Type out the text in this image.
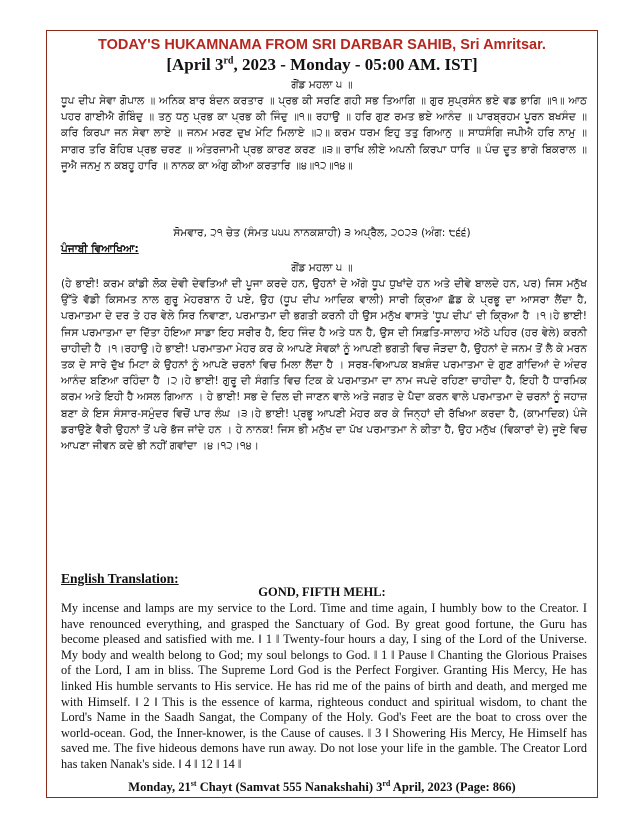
TODAY'S HUKAMNAMA FROM SRI DARBAR SAHIB, Sri Amritsar.
[April 3rd, 2023 - Monday - 05:00 AM. IST]
ਗੋਂਡ ਮਹਲਾ ੫ ॥
ਧੂਪ ਦੀਪ ਸੇਵਾ ਗੋਪਾਲ ॥ ਅਨਿਕ ਬਾਰ ਬੰਦਨ ਕਰਤਾਰ ॥ ਪ੍ਰਭ ਕੀ ਸਰਣਿ ਗਹੀ ਸਭ ਤਿਆਗਿ ॥ ਗੁਰ ਸੁਪ੍ਰਸੰਨ ਭਏ ਵਡ ਭਾਗਿ ॥੧॥ ਆਠ ਪਹਰ ਗਾਈਐ ਗੋਬਿੰਦੁ ॥ ਤਨੁ ਧਨੁ ਪ੍ਰਭ ਕਾ ਪ੍ਰਭ ਕੀ ਜਿੰਦੁ ॥੧॥ ਰਹਾਉ ॥ ਹਰਿ ਗੁਣ ਰਮਤ ਭਏ ਆਨੰਦ ॥ ਪਾਰਬ੍ਰਹਮ ਪੂਰਨ ਬਖਸੰਦ ॥ ਕਰਿ ਕਿਰਪਾ ਜਨ ਸੇਵਾ ਲਾਏ ॥ ਜਨਮ ਮਰਣ ਦੁਖ ਮੇਟਿ ਮਿਲਾਏ ॥੨॥ ਕਰਮ ਧਰਮ ਇਹੁ ਤਤੁ ਗਿਆਨੁ ॥ ਸਾਧਸੰਗਿ ਜਪੀਐ ਹਰਿ ਨਾਮੁ ॥ ਸਾਗਰ ਤਰਿ ਬੋਹਿਥ ਪ੍ਰਭ ਚਰਣ ॥ ਅੰਤਰਜਾਮੀ ਪ੍ਰਭ ਕਾਰਣ ਕਰਣ ॥੩॥ ਰਾਖਿ ਲੀਏ ਅਪਨੀ ਕਿਰਪਾ ਧਾਰਿ ॥ ਪੰਚ ਦੂਤ ਭਾਗੇ ਬਿਕਰਾਲ ॥ ਜੂਐ ਜਨਮੁ ਨ ਕਬਹੂ ਹਾਰਿ ॥ ਨਾਨਕ ਕਾ ਅੰਗੁ ਕੀਆ ਕਰਤਾਰਿ ॥੪॥੧੨॥੧੪॥
ਸੋਮਵਾਰ, ੨੧ ਚੇਤ (ਸੰਮਤ ੫੫੫ ਨਾਨਕਸ਼ਾਹੀ) ੩ ਅਪ੍ਰੈਲ, ੨੦੨੩ (ਅੰਗ: ੮੬੬)
ਪੰਜਾਬੀ ਵਿਆਖਿਆ:
ਗੋਂਡ ਮਹਲਾ ੫ ॥
(ਹੇ ਭਾਈ! ਕਰਮ ਕਾਂਡੀ ਲੋਕ ਦੇਵੀ ਦੇਵਤਿਆਂ ਦੀ ਪੂਜਾ ਕਰਦੇ ਹਨ, ਉਹਨਾਂ ਦੇ ਅੱਗੇ ਧੂਪ ਧੁਖਾਂਦੇ ਹਨ ਅਤੇ ਦੀਵੇ ਬਾਲਦੇ ਹਨ, ਪਰ) ਜਿਸ ਮਨੁੱਖ ਉੱਤੇ ਵੱਡੀ ਕਿਸਮਤ ਨਾਲ ਗੁਰੂ ਮੇਹਰਬਾਨ ਹੋ ਪਏ, ਉਹ (ਧੂਪ ਦੀਪ ਆਦਿਕ ਵਾਲੀ) ਸਾਰੀ ਕ੍ਰਿਆ ਛੱਡ ਕੇ ਪ੍ਰਭੂ ਦਾ ਆਸਰਾ ਲੈਂਦਾ ਹੈ, ਪਰਮਾਤਮਾ ਦੇ ਦਰ ਤੇ ਹਰ ਵੇਲੇ ਸਿਰ ਨਿਵਾਣਾ, ਪਰਮਾਤਮਾ ਦੀ ਭਗਤੀ ਕਰਨੀ ਹੀ ਉਸ ਮਨੁੱਖ ਵਾਸਤੇ 'ਧੂਪ ਦੀਪ' ਦੀ ਕ੍ਰਿਆ ਹੈ ।੧।ਹੇ ਭਾਈ! ਜਿਸ ਪਰਮਾਤਮਾ ਦਾ ਦਿੱਤਾ ਹੋਇਆ ਸਾਡਾ ਇਹ ਸਰੀਰ ਹੈ, ਇਹ ਜਿੰਦ ਹੈ ਅਤੇ ਧਨ ਹੈ, ਉਸ ਦੀ ਸਿਫ਼ਤਿ-ਸਾਲਾਹ ਅੱਠੇ ਪਹਿਰ (ਹਰ ਵੇਲੇ) ਕਰਨੀ ਚਾਹੀਦੀ ਹੈ ।੧।ਰਹਾਉ।ਹੇ ਭਾਈ! ਪਰਮਾਤਮਾ ਮੇਹਰ ਕਰ ਕੇ ਆਪਣੇ ਸੇਵਕਾਂ ਨੂੰ ਆਪਣੀ ਭਗਤੀ ਵਿਚ ਜੋੜਦਾ ਹੈ, ਉਹਨਾਂ ਦੇ ਜਨਮ ਤੋਂ ਲੈ ਕੇ ਮਰਨ ਤਕ ਦੇ ਸਾਰੇ ਦੁੱਖ ਮਿਟਾ ਕੇ ਉਹਨਾਂ ਨੂੰ ਆਪਣੇ ਚਰਨਾਂ ਵਿਚ ਮਿਲਾ ਲੈਂਦਾ ਹੈ । ਸਰਬ-ਵਿਆਪਕ ਬਖ਼ਸ਼ੰਦ ਪਰਮਾਤਮਾ ਦੇ ਗੁਣ ਗਾਂਦਿਆਂ ਦੇ ਅੰਦਰ ਆਨੰਦ ਬਣਿਆ ਰਹਿੰਦਾ ਹੈ ।੨।ਹੇ ਭਾਈ! ਗੁਰੂ ਦੀ ਸੰਗਤਿ ਵਿਚ ਟਿਕ ਕੇ ਪਰਮਾਤਮਾ ਦਾ ਨਾਮ ਜਪਦੇ ਰਹਿਣਾ ਚਾਹੀਦਾ ਹੈ, ਇਹੀ ਹੈ ਧਾਰਮਿਕ ਕਰਮ ਅਤੇ ਇਹੀ ਹੈ ਅਸਲ ਗਿਆਨ । ਹੇ ਭਾਈ! ਸਭ ਦੇ ਦਿਲ ਦੀ ਜਾਣਨ ਵਾਲੇ ਅਤੇ ਜਗਤ ਦੇ ਪੈਦਾ ਕਰਨ ਵਾਲੇ ਪਰਮਾਤਮਾ ਦੇ ਚਰਨਾਂ ਨੂੰ ਜਹਾਜ਼ ਬਣਾ ਕੇ ਇਸ ਸੰਸਾਰ-ਸਮੁੰਦਰ ਵਿਚੋਂ ਪਾਰ ਲੰਘ ।੩।ਹੇ ਭਾਈ! ਪ੍ਰਭੂ ਆਪਣੀ ਮੇਹਰ ਕਰ ਕੇ ਜਿਨ੍ਹਾਂ ਦੀ ਰੱਖਿਆ ਕਰਦਾ ਹੈ, (ਕਾਮਾਦਿਕ) ਪੰਜੇ ਡਰਾਉਣੇ ਵੈਰੀ ਉਹਨਾਂ ਤੋਂ ਪਰੇ ਭੱਜ ਜਾਂਦੇ ਹਨ । ਹੇ ਨਾਨਕ! ਜਿਸ ਭੀ ਮਨੁੱਖ ਦਾ ਪੱਖ ਪਰਮਾਤਮਾ ਨੇ ਕੀਤਾ ਹੈ, ਉਹ ਮਨੁੱਖ (ਵਿਕਾਰਾਂ ਦੇ) ਜੂਏ ਵਿਚ ਆਪਣਾ ਜੀਵਨ ਕਦੇ ਭੀ ਨਹੀਂ ਗਵਾਂਦਾ ।੪।੧੨।੧੪।
English Translation:
GOND, FIFTH MEHL:
My incense and lamps are my service to the Lord. Time and time again, I humbly bow to the Creator. I have renounced everything, and grasped the Sanctuary of God. By great good fortune, the Guru has become pleased and satisfied with me. ‖ 1 ‖ Twenty-four hours a day, I sing of the Lord of the Universe. My body and wealth belong to God; my soul belongs to God. ‖ 1 ‖ Pause ‖ Chanting the Glorious Praises of the Lord, I am in bliss. The Supreme Lord God is the Perfect Forgiver. Granting His Mercy, He has linked His humble servants to His service. He has rid me of the pains of birth and death, and merged me with Himself. ‖ 2 ‖ This is the essence of karma, righteous conduct and spiritual wisdom, to chant the Lord's Name in the Saadh Sangat, the Company of the Holy. God's Feet are the boat to cross over the world-ocean. God, the Inner-knower, is the Cause of causes. ‖ 3 ‖ Showering His Mercy, He Himself has saved me. The five hideous demons have run away. Do not lose your life in the gamble. The Creator Lord has taken Nanak's side. ‖ 4 ‖ 12 ‖ 14 ‖
Monday, 21st Chayt (Samvat 555 Nanakshahi) 3rd April, 2023 (Page: 866)
